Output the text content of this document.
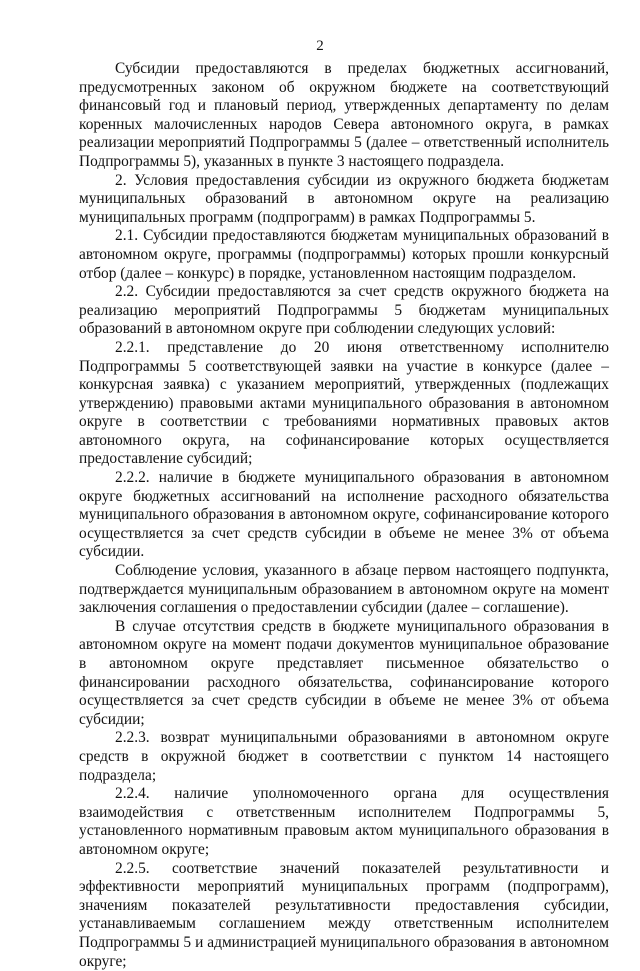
2

Субсидии предоставляются в пределах бюджетных ассигнований, предусмотренных законом об окружном бюджете на соответствующий финансовый год и плановый период, утвержденных департаменту по делам коренных малочисленных народов Севера автономного округа, в рамках реализации мероприятий Подпрограммы 5 (далее – ответственный исполнитель Подпрограммы 5), указанных в пункте 3 настоящего подраздела.

2. Условия предоставления субсидии из окружного бюджета бюджетам муниципальных образований в автономном округе на реализацию муниципальных программ (подпрограмм) в рамках Подпрограммы 5.

2.1. Субсидии предоставляются бюджетам муниципальных образований в автономном округе, программы (подпрограммы) которых прошли конкурсный отбор (далее – конкурс) в порядке, установленном настоящим подразделом.

2.2. Субсидии предоставляются за счет средств окружного бюджета на реализацию мероприятий Подпрограммы 5 бюджетам муниципальных образований в автономном округе при соблюдении следующих условий:

2.2.1. представление до 20 июня ответственному исполнителю Подпрограммы 5 соответствующей заявки на участие в конкурсе (далее – конкурсная заявка) с указанием мероприятий, утвержденных (подлежащих утверждению) правовыми актами муниципального образования в автономном округе в соответствии с требованиями нормативных правовых актов автономного округа, на софинансирование которых осуществляется предоставление субсидий;

2.2.2. наличие в бюджете муниципального образования в автономном округе бюджетных ассигнований на исполнение расходного обязательства муниципального образования в автономном округе, софинансирование которого осуществляется за счет средств субсидии в объеме не менее 3% от объема субсидии.

Соблюдение условия, указанного в абзаце первом настоящего подпункта, подтверждается муниципальным образованием в автономном округе на момент заключения соглашения о предоставлении субсидии (далее – соглашение).

В случае отсутствия средств в бюджете муниципального образования в автономном округе на момент подачи документов муниципальное образование в автономном округе представляет письменное обязательство о финансировании расходного обязательства, софинансирование которого осуществляется за счет средств субсидии в объеме не менее 3% от объема субсидии;

2.2.3. возврат муниципальными образованиями в автономном округе средств в окружной бюджет в соответствии с пунктом 14 настоящего подраздела;

2.2.4. наличие уполномоченного органа для осуществления взаимодействия с ответственным исполнителем Подпрограммы 5, установленного нормативным правовым актом муниципального образования в автономном округе;

2.2.5. соответствие значений показателей результативности и эффективности мероприятий муниципальных программ (подпрограмм), значениям показателей результативности предоставления субсидии, устанавливаемым соглашением между ответственным исполнителем Подпрограммы 5 и администрацией муниципального образования в автономном округе;
